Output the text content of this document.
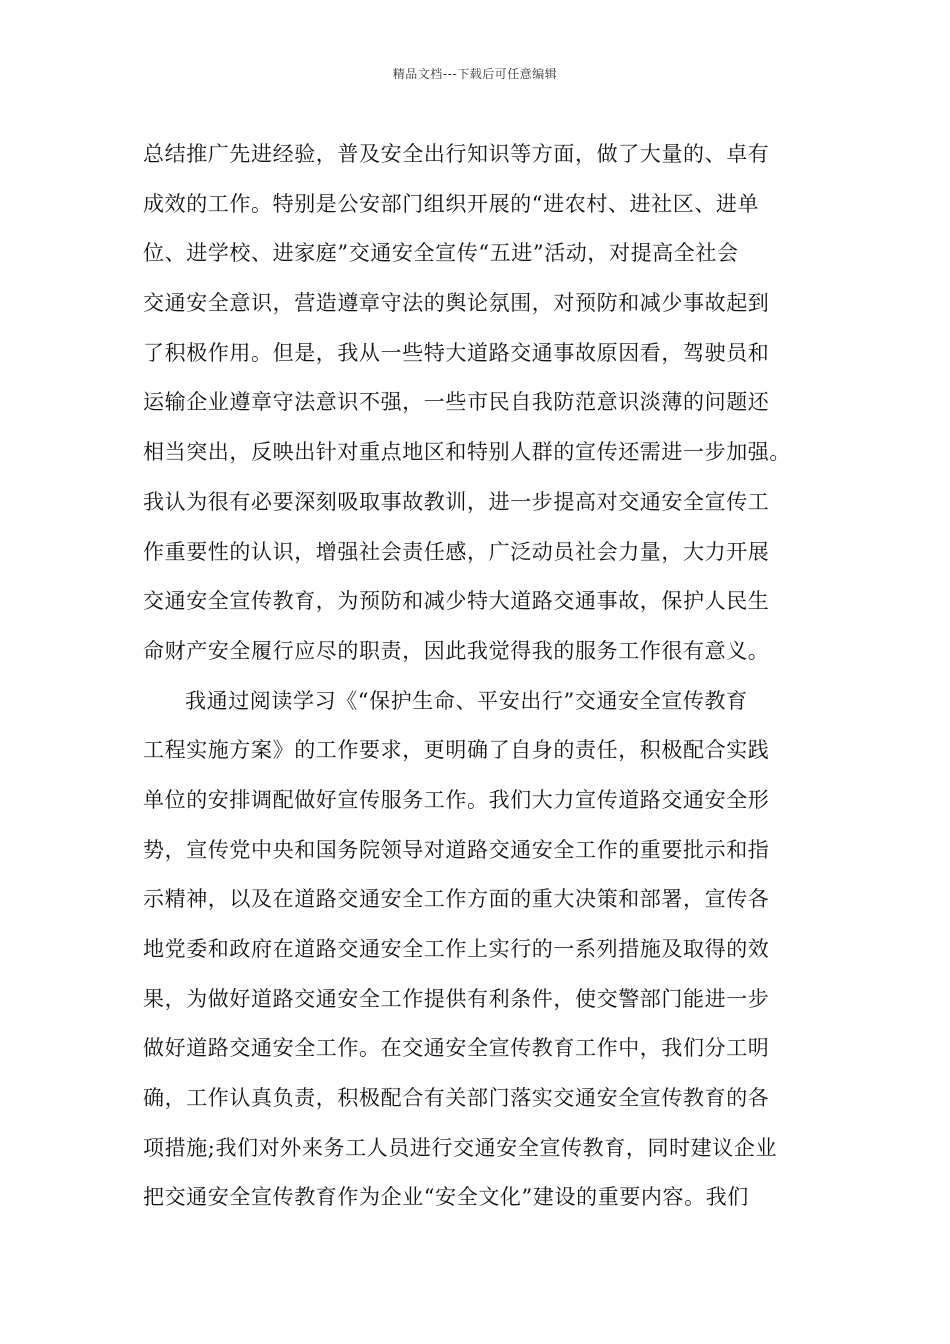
精品文档---下载后可任意编辑
总结推广先进经验，普及安全出行知识等方面，做了大量的、卓有
成效的工作。特别是公安部门组织开展的“进农村、进社区、进单
位、进学校、进家庭”交通安全宣传“五进”活动，对提高全社会
交通安全意识，营造遵章守法的舆论氛围，对预防和减少事故起到
了积极作用。但是，我从一些特大道路交通事故原因看，驾驶员和
运输企业遵章守法意识不强，一些市民自我防范意识淡薄的问题还
相当突出，反映出针对重点地区和特别人群的宣传还需进一步加强。
我认为很有必要深刻吸取事故教训，进一步提高对交通安全宣传工
作重要性的认识，增强社会责任感，广泛动员社会力量，大力开展
交通安全宣传教育，为预防和减少特大道路交通事故，保护人民生
命财产安全履行应尽的职责，因此我觉得我的服务工作很有意义。
我通过阅读学习《“保护生命、平安出行”交通安全宣传教育
工程实施方案》的工作要求，更明确了自身的责任，积极配合实践
单位的安排调配做好宣传服务工作。我们大力宣传道路交通安全形
势，宣传党中央和国务院领导对道路交通安全工作的重要批示和指
示精神，以及在道路交通安全工作方面的重大决策和部署，宣传各
地党委和政府在道路交通安全工作上实行的一系列措施及取得的效
果，为做好道路交通安全工作提供有利条件，使交警部门能进一步
做好道路交通安全工作。在交通安全宣传教育工作中，我们分工明
确，工作认真负责，积极配合有关部门落实交通安全宣传教育的各
项措施;我们对外来务工人员进行交通安全宣传教育，同时建议企业
把交通安全宣传教育作为企业“安全文化”建设的重要内容。我们
